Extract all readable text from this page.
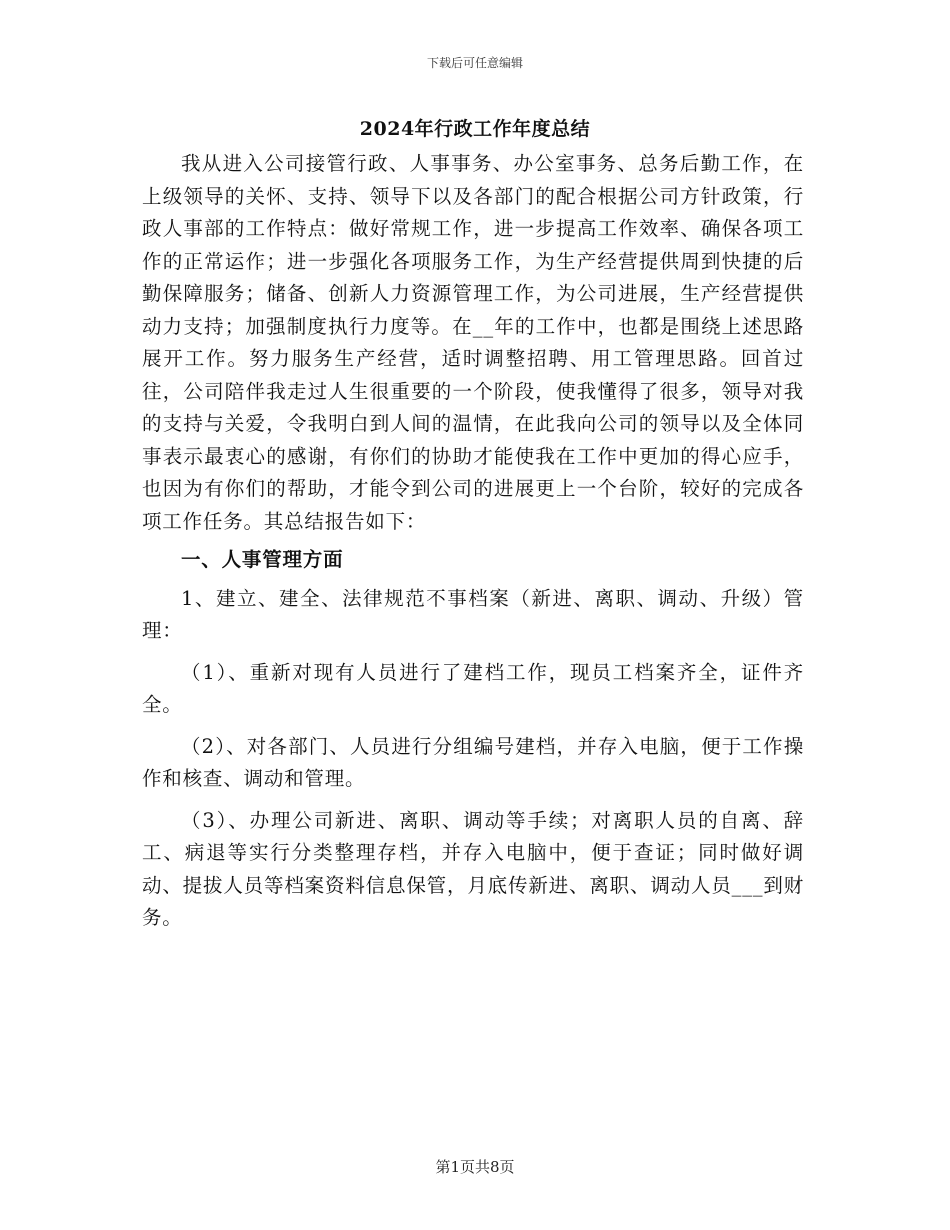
下载后可任意编辑
2024年行政工作年度总结

我从进入公司接管行政、人事事务、办公室事务、总务后勤工作，在上级领导的关怀、支持、领导下以及各部门的配合根据公司方针政策，行政人事部的工作特点：做好常规工作，进一步提高工作效率、确保各项工作的正常运作；进一步强化各项服务工作，为生产经营提供周到快捷的后勤保障服务；储备、创新人力资源管理工作，为公司进展，生产经营提供动力支持；加强制度执行力度等。在__年的工作中，也都是围绕上述思路展开工作。努力服务生产经营，适时调整招聘、用工管理思路。回首过往，公司陪伴我走过人生很重要的一个阶段，使我懂得了很多，领导对我的支持与关爱，令我明白到人间的温情，在此我向公司的领导以及全体同事表示最衷心的感谢，有你们的协助才能使我在工作中更加的得心应手，也因为有你们的帮助，才能令到公司的进展更上一个台阶，较好的完成各项工作任务。其总结报告如下：

一、人事管理方面

1、建立、建全、法律规范不事档案（新进、离职、调动、升级）管理：

（1）、重新对现有人员进行了建档工作，现员工档案齐全，证件齐全。

（2）、对各部门、人员进行分组编号建档，并存入电脑，便于工作操作和核查、调动和管理。

（3）、办理公司新进、离职、调动等手续；对离职人员的自离、辞工、病退等实行分类整理存档，并存入电脑中，便于查证；同时做好调动、提拔人员等档案资料信息保管，月底传新进、离职、调动人员___到财务。

第1页共8页
